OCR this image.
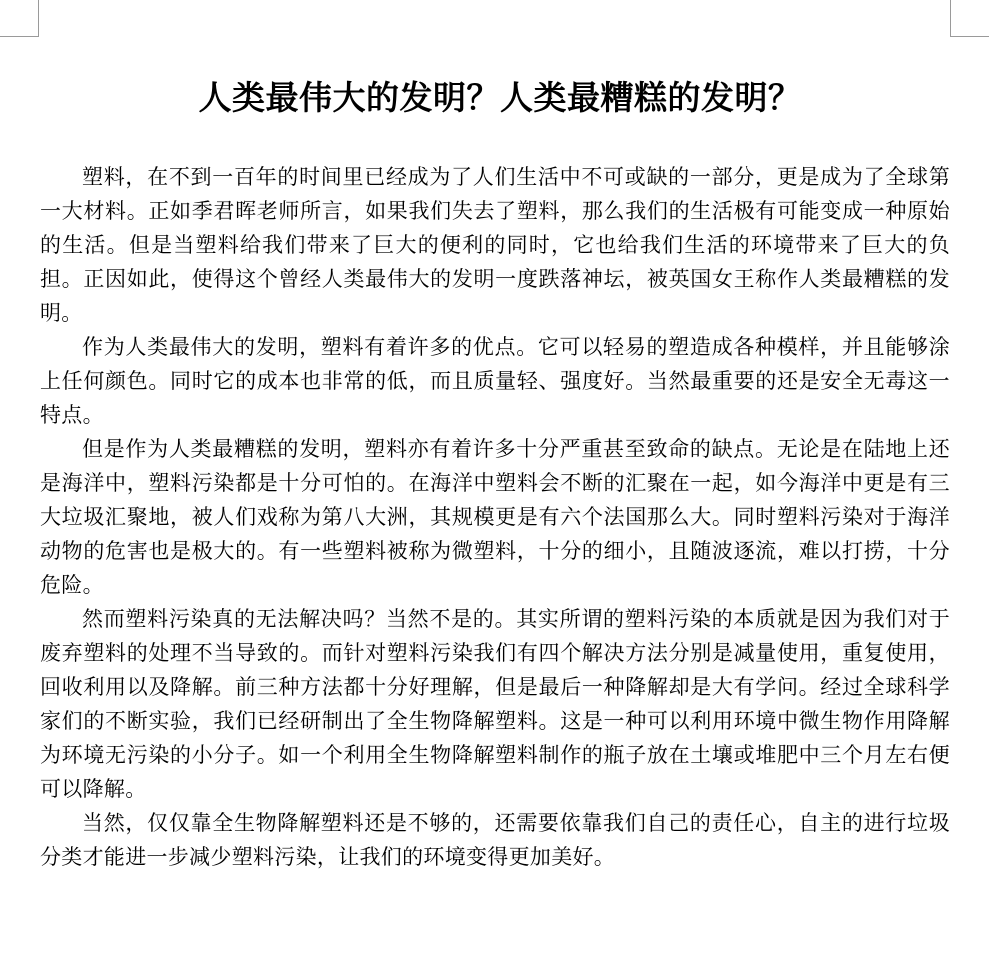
人类最伟大的发明？人类最糟糕的发明？

塑料，在不到一百年的时间里已经成为了人们生活中不可或缺的一部分，更是成为了全球第一大材料。正如季君晖老师所言，如果我们失去了塑料，那么我们的生活极有可能变成一种原始的生活。但是当塑料给我们带来了巨大的便利的同时，它也给我们生活的环境带来了巨大的负担。正因如此，使得这个曾经人类最伟大的发明一度跌落神坛，被英国女王称作人类最糟糕的发明。

作为人类最伟大的发明，塑料有着许多的优点。它可以轻易的塑造成各种模样，并且能够涂上任何颜色。同时它的成本也非常的低，而且质量轻、强度好。当然最重要的还是安全无毒这一特点。

但是作为人类最糟糕的发明，塑料亦有着许多十分严重甚至致命的缺点。无论是在陆地上还是海洋中，塑料污染都是十分可怕的。在海洋中塑料会不断的汇聚在一起，如今海洋中更是有三大垃圾汇聚地，被人们戏称为第八大洲，其规模更是有六个法国那么大。同时塑料污染对于海洋动物的危害也是极大的。有一些塑料被称为微塑料，十分的细小，且随波逐流，难以打捞，十分危险。

然而塑料污染真的无法解决吗？当然不是的。其实所谓的塑料污染的本质就是因为我们对于废弃塑料的处理不当导致的。而针对塑料污染我们有四个解决方法分别是减量使用，重复使用，回收利用以及降解。前三种方法都十分好理解，但是最后一种降解却是大有学问。经过全球科学家们的不断实验，我们已经研制出了全生物降解塑料。这是一种可以利用环境中微生物作用降解为环境无污染的小分子。如一个利用全生物降解塑料制作的瓶子放在土壤或堆肥中三个月左右便可以降解。

当然，仅仅靠全生物降解塑料还是不够的，还需要依靠我们自己的责任心，自主的进行垃圾分类才能进一步减少塑料污染，让我们的环境变得更加美好。
